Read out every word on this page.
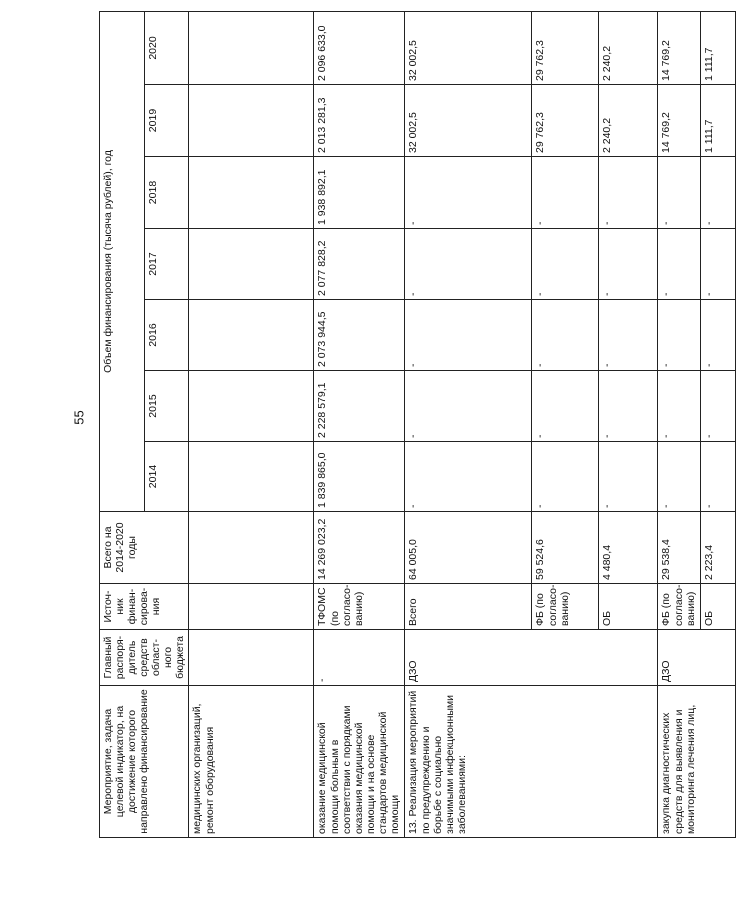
55
Мероприятие, задача целевой индикатор, на достижение которого направлено финансирование	Главный распоря-дитель средств област-ного бюджета	Источ-ник финан-сирова-ния	Всего на 2014-2020 годы	Объем финансирования (тысяча рублей), год						
				2014	2015	2016	2017	2018	2019	2020
медицинских организаций, ремонт оборудования										
оказание медицинской помощи больным в соответствии с порядками оказания медицинской помощи и на основе стандартов медицинской помощи	-	ТФОМС (по согласо-ванию)	14 269 023,2	1 839 865,0	2 228 579,1	2 073 944,5	2 077 828,2	1 938 892,1	2 013 281,3	2 096 633,0
13. Реализация мероприятий по предупреждению и борьбе с социально значимыми инфекционными заболеваниями:	ДЗО	Всего	64 005,0	-	-	-	-	-	32 002,5	32 002,5
		ФБ (по согласо-ванию)	59 524,6	-	-	-	-	-	29 762,3	29 762,3
		ОБ	4 480,4	-	-	-	-	-	2 240,2	2 240,2
закупка диагностических средств для выявления и мониторинга лечения лиц,	ДЗО	ФБ (по согласо-ванию)	29 538,4	-	-	-	-	-	14 769,2	14 769,2
		ОБ	2 223,4	-	-	-	-	-	1 111,7	1 111,7
